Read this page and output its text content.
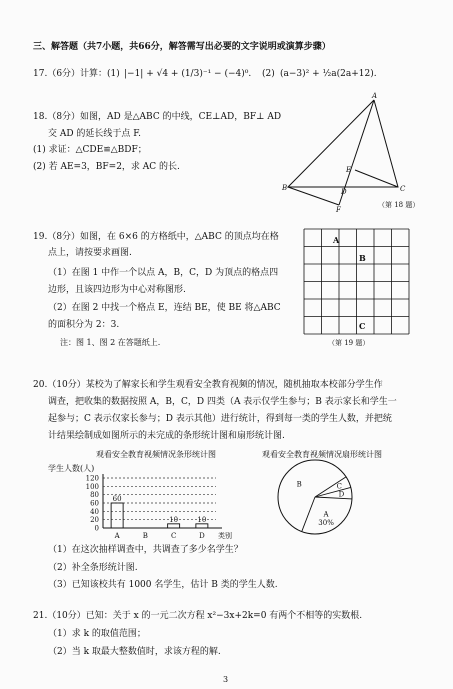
三、解答题（共7小题，共66分，解答需写出必要的文字说明或演算步骤）
17.（6分）计算：(1) |−1| + √4 + (1/3)⁻¹ − (−4)⁰. (2) (a−3)² + ½a(2a+12).
18.（8分）如图，AD 是△ABC 的中线，CE⊥AD，BF⊥ AD
交 AD 的延长线于点 F.
(1) 求证：△CDE≌△BDF；
(2) 若 AE=3，BF=2，求 AC 的长.
A
B	C
D
E
F
（第 18 题）
19.（8分）如图，在 6×6 的方格纸中，△ABC 的顶点均在格
点上，请按要求画图.
（1）在图 1 中作一个以点 A，B，C，D 为顶点的格点四
边形，且该四边形为中心对称图形.
（2）在图 2 中找一个格点 E，连结 BE，使 BE 将△ABC
的面积分为 2：3.
注：图 1、图 2 在答题纸上.
A
B
C
（第 19 题）
20.（10分）某校为了解家长和学生观看安全教育视频的情况，随机抽取本校部分学生作
调查，把收集的数据按照 A，B，C，D 四类（A 表示仅学生参与；B 表示家长和学生一
起参与；C 表示仅家长参与；D 表示其他）进行统计，得到每一类的学生人数，并把统
计结果绘制成如图所示的未完成的条形统计图和扇形统计图.
观看安全教育视频情况条形统计图
学生人数(人)
0
20
40
60
80
100
120
60
A	B
10
C
10
D 类别
观看安全教育视频情况扇形统计图
A
30%
B	C
D
（1）在这次抽样调查中，共调查了多少名学生？
（2）补全条形统计图.
（3）已知该校共有 1000 名学生，估计 B 类的学生人数.
21.（10分）已知：关于 x 的一元二次方程 x²−3x+2k=0 有两个不相等的实数根.
（1）求 k 的取值范围；
（2）当 k 取最大整数值时，求该方程的解.
3
